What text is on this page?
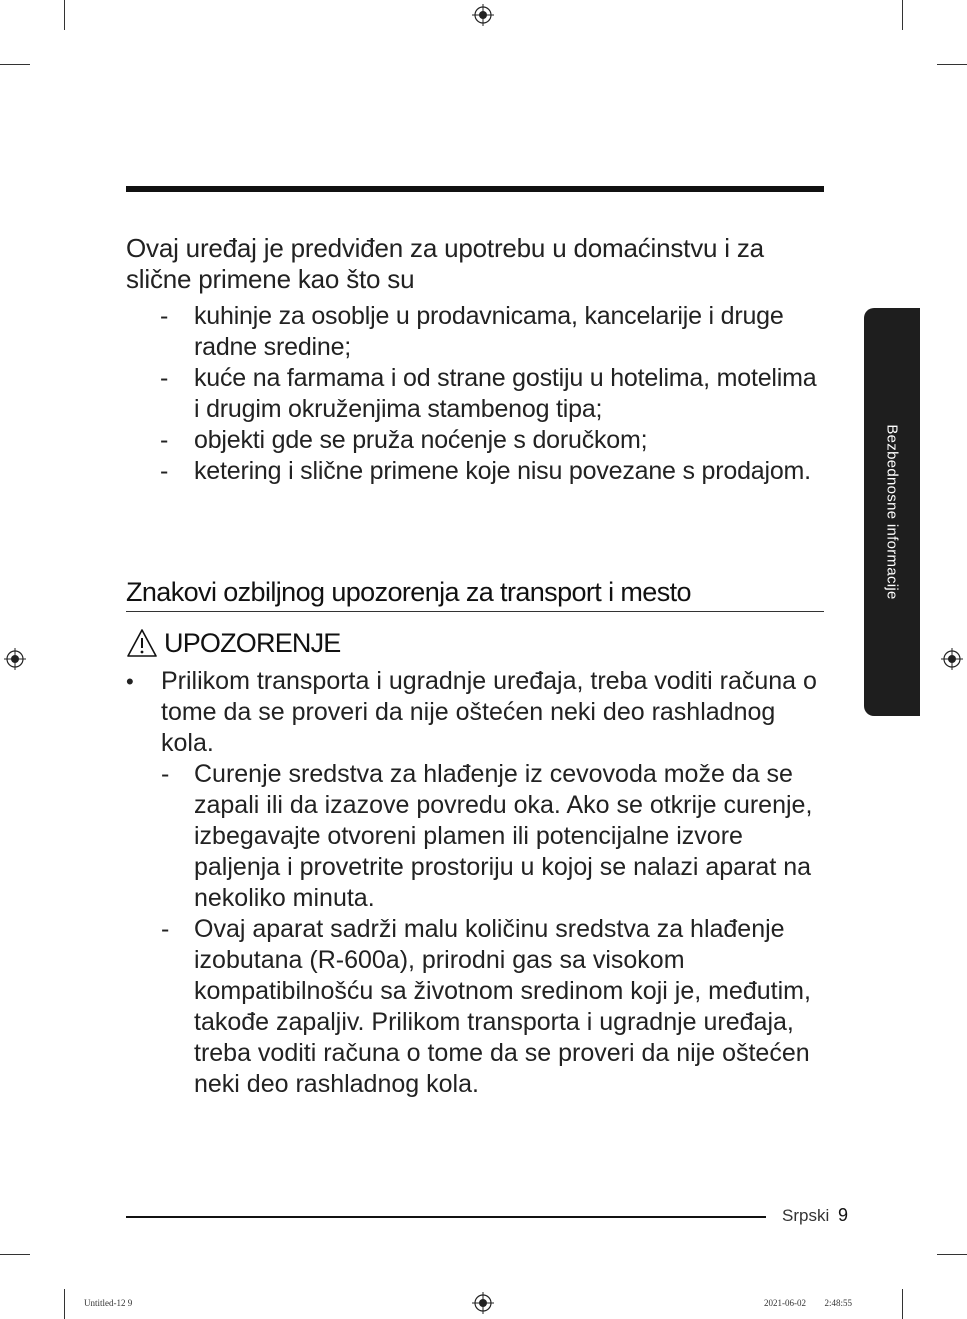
Ovaj uređaj je predviđen za upotrebu u domaćinstvu i za slične primene kao što su
- kuhinje za osoblje u prodavnicama, kancelarije i druge radne sredine;
- kuće na farmama i od strane gostiju u hotelima, motelima i drugim okruženjima stambenog tipa;
- objekti gde se pruža noćenje s doručkom;
- ketering i slične primene koje nisu povezane s prodajom.
Znakovi ozbiljnog upozorenja za transport i mesto
UPOZORENJE
• Prilikom transporta i ugradnje uređaja, treba voditi računa o tome da se proveri da nije oštećen neki deo rashladnog kola.
- Curenje sredstva za hlađenje iz cevovoda može da se zapali ili da izazove povredu oka. Ako se otkrije curenje, izbegavajte otvoreni plamen ili potencijalne izvore paljenja i provetrite prostoriju u kojoj se nalazi aparat na nekoliko minuta.
- Ovaj aparat sadrži malu količinu sredstva za hlađenje izobutana (R-600a), prirodni gas sa visokom kompatibilnošću sa životnom sredinom koji je, međutim, takođe zapaljiv. Prilikom transporta i ugradnje uređaja, treba voditi računa o tome da se proveri da nije oštećen neki deo rashladnog kola.
Bezbednosne informacije
Srpski 9
Untitled-12 9	2021-06-02 ￿￿ 2:48:55
